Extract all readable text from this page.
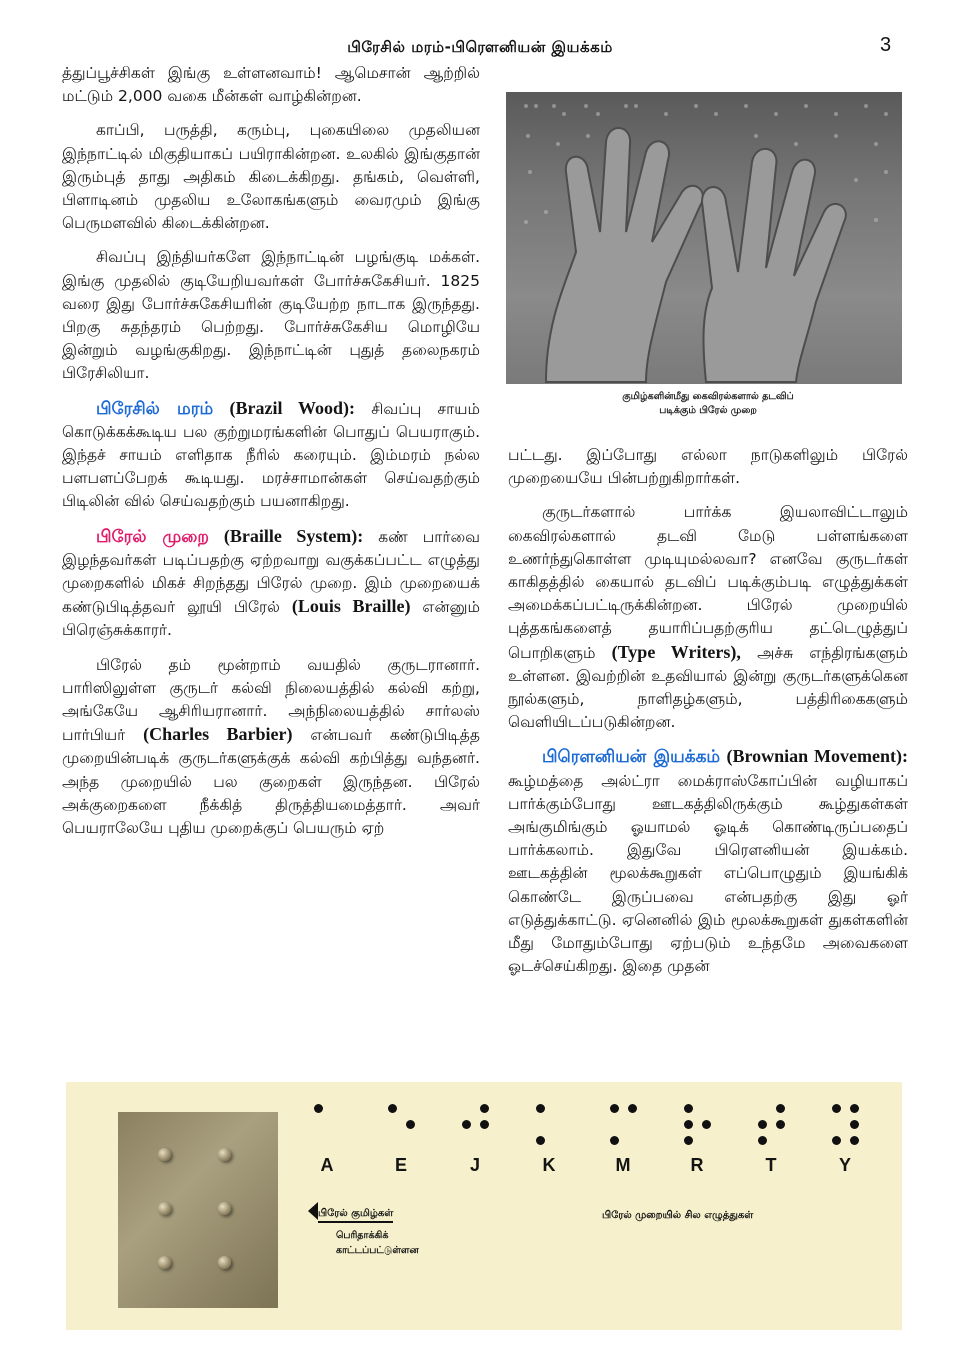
பிரேசில் மரம்-பிரௌனியன் இயக்கம்	3

த்துப்பூச்சிகள் இங்கு உள்ளனவாம்! ஆமெசான் ஆற்றில் மட்டும் 2,000 வகை மீன்கள் வாழ்கின்றன.

காப்பி, பருத்தி, கரும்பு, புகையிலை முதலியன இந்நாட்டில் மிகுதியாகப் பயிராகின்றன. உலகில் இங்குதான் இரும்புத் தாது அதிகம் கிடைக்கிறது. தங்கம், வெள்ளி, பிளாடினம் முதலிய உலோகங்களும் வைரமும் இங்கு பெருமளவில் கிடைக்கின்றன.

சிவப்பு இந்தியர்களே இந்நாட்டின் பழங்குடி மக்கள். இங்கு முதலில் குடியேறியவர்கள் போர்ச்சுகேசியர். 1825 வரை இது போர்ச்சுகேசியரின் குடியேற்ற நாடாக இருந்தது. பிறகு சுதந்தரம் பெற்றது. போர்ச்சுகேசிய மொழியே இன்றும் வழங்குகிறது. இந்நாட்டின் புதுத் தலைநகரம் பிரேசிலியா.

பிரேசில் மரம் (Brazil Wood): சிவப்பு சாயம் கொடுக்கக்கூடிய பல குற்றுமரங்களின் பொதுப் பெயராகும். இந்தச் சாயம் எளிதாக நீரில் கரையும். இம்மரம் நல்ல பளபளப்பேறக் கூடியது. மரச்சாமான்கள் செய்வதற்கும் பிடிலின் வில் செய்வதற்கும் பயனாகிறது.

பிரேல் முறை (Braille System): கண் பார்வை இழந்தவர்கள் படிப்பதற்கு ஏற்றவாறு வகுக்கப்பட்ட எழுத்து முறைகளில் மிகச் சிறந்தது பிரேல் முறை. இம் முறையைக் கண்டுபிடித்தவர் லூயி பிரேல் (Louis Braille) என்னும் பிரெஞ்சுக்காரர்.

பிரேல் தம் மூன்றாம் வயதில் குருடரானார். பாரிஸிலுள்ள குருடர் கல்வி நிலையத்தில் கல்வி கற்று, அங்கேயே ஆசிரியரானார். அந்நிலையத்தில் சார்லஸ் பார்பியர் (Charles Barbier) என்பவர் கண்டுபிடித்த முறையின்படிக் குருடர்களுக்குக் கல்வி கற்பித்து வந்தனர். அந்த முறையில் பல குறைகள் இருந்தன. பிரேல் அக்குறைகளை நீக்கித் திருத்தியமைத்தார். அவர் பெயராலேயே புதிய முறைக்குப் பெயரும் ஏற்

குமிழ்களின்மீது கைவிரல்களால் தடவிப்
படிக்கும் பிரேல் முறை

பட்டது. இப்போது எல்லா நாடுகளிலும் பிரேல் முறையையே பின்பற்றுகிறார்கள்.

குருடர்களால் பார்க்க இயலாவிட்டாலும் கைவிரல்களால் தடவி மேடு பள்ளங்களை உணர்ந்துகொள்ள முடியுமல்லவா? எனவே குருடர்கள் காகிதத்தில் கையால் தடவிப் படிக்கும்படி எழுத்துக்கள் அமைக்கப்பட்டிருக்கின்றன. பிரேல் முறையில் புத்தகங்களைத் தயாரிப்பதற்குரிய தட்டெழுத்துப் பொறிகளும் (Type Writers), அச்சு எந்திரங்களும் உள்ளன. இவற்றின் உதவியால் இன்று குருடர்களுக்கென நூல்களும், நாளிதழ்களும், பத்திரிகைகளும் வெளியிடப்படுகின்றன.

பிரௌனியன் இயக்கம் (Brownian Movement): கூழ்மத்தை அல்ட்ரா மைக்ராஸ்கோப்பின் வழியாகப் பார்க்கும்போது ஊடகத்திலிருக்கும் கூழ்துகள்கள் அங்குமிங்கும் ஓயாமல் ஓடிக் கொண்டிருப்பதைப் பார்க்கலாம். இதுவே பிரௌனியன் இயக்கம். ஊடகத்தின் மூலக்கூறுகள் எப்பொழுதும் இயங்கிக் கொண்டே இருப்பவை என்பதற்கு இது ஓர் எடுத்துக்காட்டு. ஏனெனில் இம் மூலக்கூறுகள் துகள்களின் மீது மோதும்போது ஏற்படும் உந்தமே அவைகளை ஓடச்செய்கிறது. இதை முதன்

A	E	J	K	M	R	T	Y
பிரேல் குமிழ்கள்
பெரிதாக்கிக்
காட்டப்பட்டுள்ளன
பிரேல் முறையில் சில எழுத்துகள்
